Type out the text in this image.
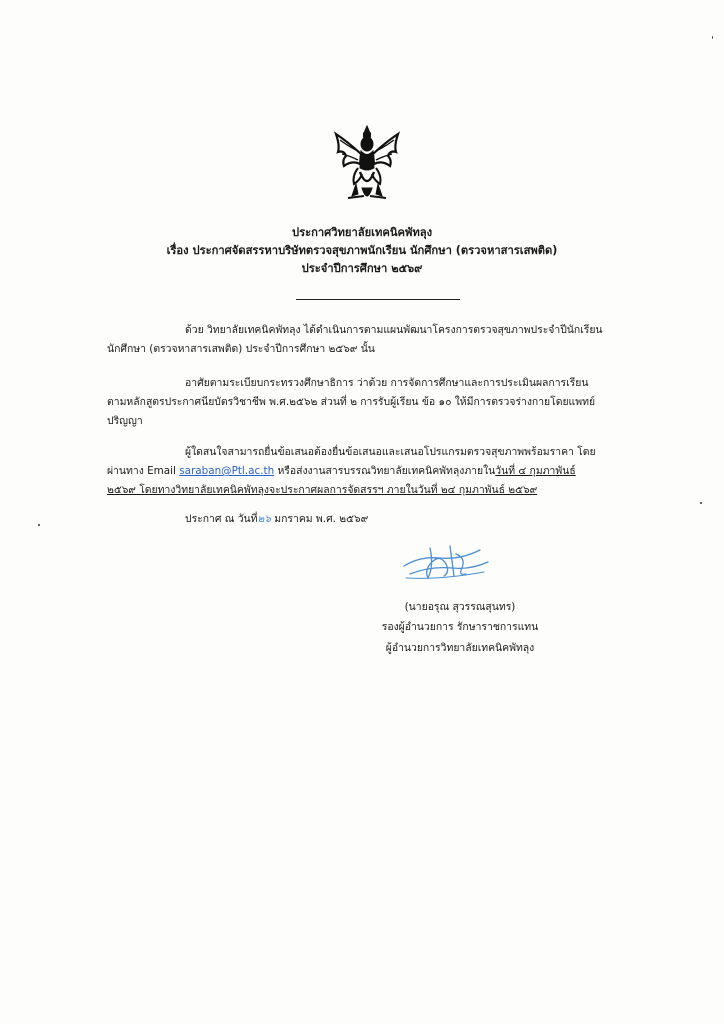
ประกาศวิทยาลัยเทคนิคพัทลุง
เรื่อง ประกาศจัดสรรหาบริษัทตรวจสุขภาพนักเรียน นักศึกษา (ตรวจหาสารเสพติด)
ประจำปีการศึกษา ๒๕๖๙
ด้วย วิทยาลัยเทคนิคพัทลุง ได้ดำเนินการตามแผนพัฒนาโครงการตรวจสุขภาพประจำปีนักเรียน
นักศึกษา (ตรวจหาสารเสพติด) ประจำปีการศึกษา ๒๕๖๙ นั้น
อาศัยตามระเบียบกระทรวงศึกษาธิการ ว่าด้วย การจัดการศึกษาและการประเมินผลการเรียน
ตามหลักสูตรประกาศนียบัตรวิชาชีพ พ.ศ.๒๕๖๒ ส่วนที่ ๒ การรับผู้เรียน ข้อ ๑๐ ให้มีการตรวจร่างกายโดยแพทย์
ปริญญา
ผู้ใดสนใจสามารถยื่นข้อเสนอต้องยื่นข้อเสนอและเสนอโปรแกรมตรวจสุขภาพพร้อมราคา โดย
ผ่านทาง Email saraban@Ptl.ac.th หรือส่งงานสารบรรณวิทยาลัยเทคนิคพัทลุงภายในวันที่ ๔ กุมภาพันธ์
๒๕๖๙ โดยทางวิทยาลัยเทคนิคพัทลุงจะประกาศผลการจัดสรรฯ ภายในวันที่ ๒๔ กุมภาพันธ์ ๒๕๖๙
ประกาศ ณ วันที่๒๖ มกราคม พ.ศ. ๒๕๖๙
(นายอรุณ สุวรรณสุนทร)
รองผู้อำนวยการ รักษาราชการแทน
ผู้อำนวยการวิทยาลัยเทคนิคพัทลุง
